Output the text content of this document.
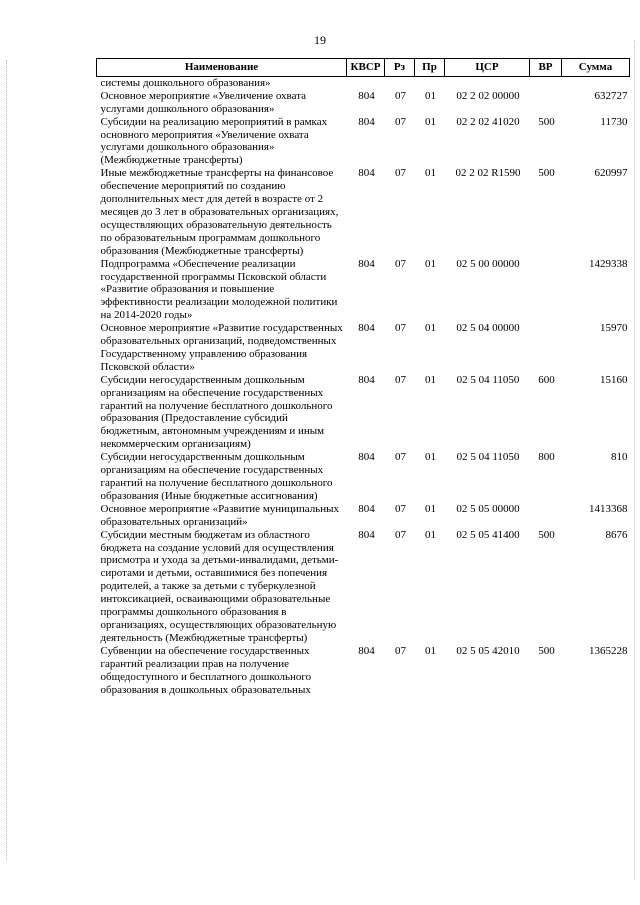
19
Наименование	КВСР	Рз	Пр	ЦСР	ВР	Сумма
системы дошкольного образования»						
Основное мероприятие «Увеличение охвата услугами дошкольного образования»	804	07	01	02 2 02 00000		632727
Субсидии на реализацию мероприятий в рамках основного мероприятия «Увеличение охвата услугами дошкольного образования» (Межбюджетные трансферты)	804	07	01	02 2 02 41020	500	11730
Иные межбюджетные трансферты на финансовое обеспечение мероприятий по созданию дополнительных мест для детей в возрасте от 2 месяцев до 3 лет в образовательных организациях, осуществляющих образовательную деятельность по образовательным программам дошкольного образования (Межбюджетные трансферты)	804	07	01	02 2 02 R1590	500	620997
Подпрограмма «Обеспечение реализации государственной программы Псковской области «Развитие образования и повышение эффективности реализации молодежной политики на 2014-2020 годы»	804	07	01	02 5 00 00000		1429338
Основное мероприятие «Развитие государственных образовательных организаций, подведомственных Государственному управлению образования Псковской области»	804	07	01	02 5 04 00000		15970
Субсидии негосударственным дошкольным организациям на обеспечение государственных гарантий на получение бесплатного дошкольного образования (Предоставление субсидий бюджетным, автономным учреждениям и иным некоммерческим организациям)	804	07	01	02 5 04 11050	600	15160
Субсидии негосударственным дошкольным организациям на обеспечение государственных гарантий на получение бесплатного дошкольного образования (Иные бюджетные ассигнования)	804	07	01	02 5 04 11050	800	810
Основное мероприятие «Развитие муниципальных образовательных организаций»	804	07	01	02 5 05 00000		1413368
Субсидии местным бюджетам из областного бюджета на создание условий для осуществления присмотра и ухода за детьми-инвалидами, детьми-сиротами и детьми, оставшимися без попечения родителей, а также за детьми с туберкулезной интоксикацией, осваивающими образовательные программы дошкольного образования в организациях, осуществляющих образовательную деятельность (Межбюджетные трансферты)	804	07	01	02 5 05 41400	500	8676
Субвенции на обеспечение государственных гарантий реализации прав на получение общедоступного и бесплатного дошкольного образования в дошкольных образовательных	804	07	01	02 5 05 42010	500	1365228
